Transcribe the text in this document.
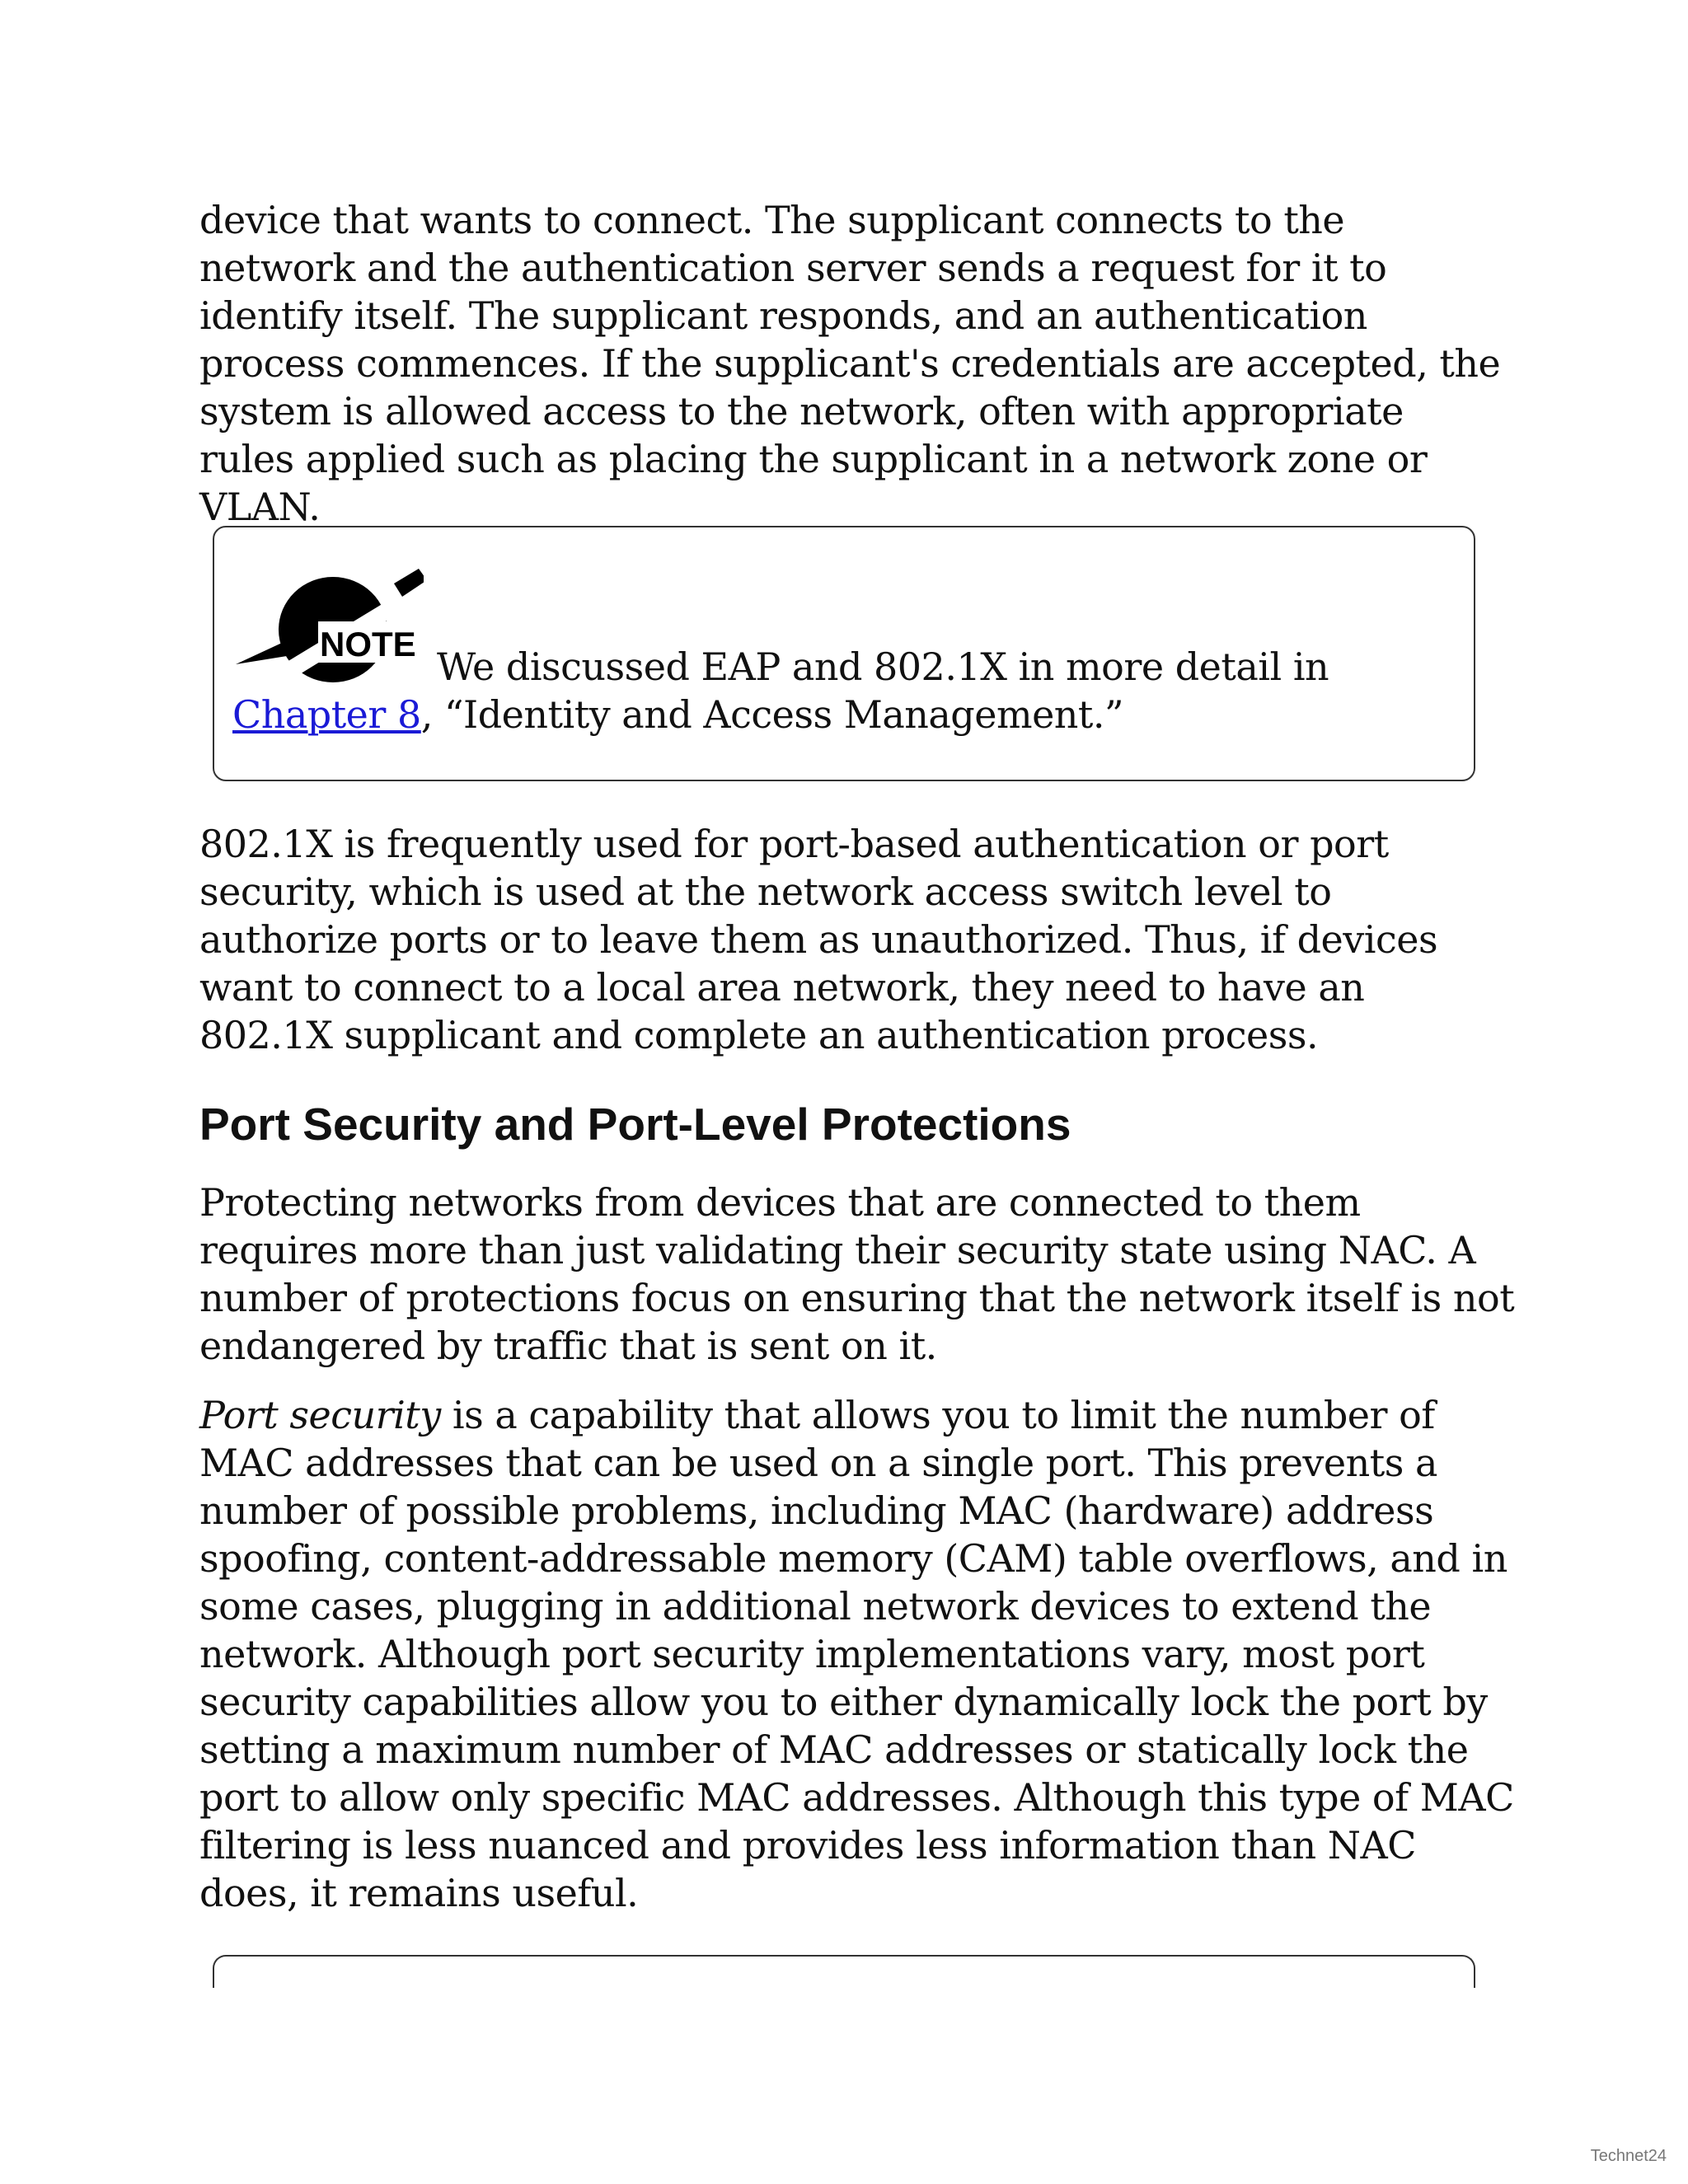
device that wants to connect. The supplicant connects to the network and the authentication server sends a request for it to identify itself. The supplicant responds, and an authentication process commences. If the supplicant's credentials are accepted, the system is allowed access to the network, often with appropriate rules applied such as placing the supplicant in a network zone or VLAN.

NOTE
We discussed EAP and 802.1X in more detail in Chapter 8, “Identity and Access Management.”

802.1X is frequently used for port-based authentication or port security, which is used at the network access switch level to authorize ports or to leave them as unauthorized. Thus, if devices want to connect to a local area network, they need to have an 802.1X supplicant and complete an authentication process.

Port Security and Port-Level Protections

Protecting networks from devices that are connected to them requires more than just validating their security state using NAC. A number of protections focus on ensuring that the network itself is not endangered by traffic that is sent on it.

Port security is a capability that allows you to limit the number of MAC addresses that can be used on a single port. This prevents a number of possible problems, including MAC (hardware) address spoofing, content-addressable memory (CAM) table overflows, and in some cases, plugging in additional network devices to extend the network. Although port security implementations vary, most port security capabilities allow you to either dynamically lock the port by setting a maximum number of MAC addresses or statically lock the port to allow only specific MAC addresses. Although this type of MAC filtering is less nuanced and provides less information than NAC does, it remains useful.

Technet24
